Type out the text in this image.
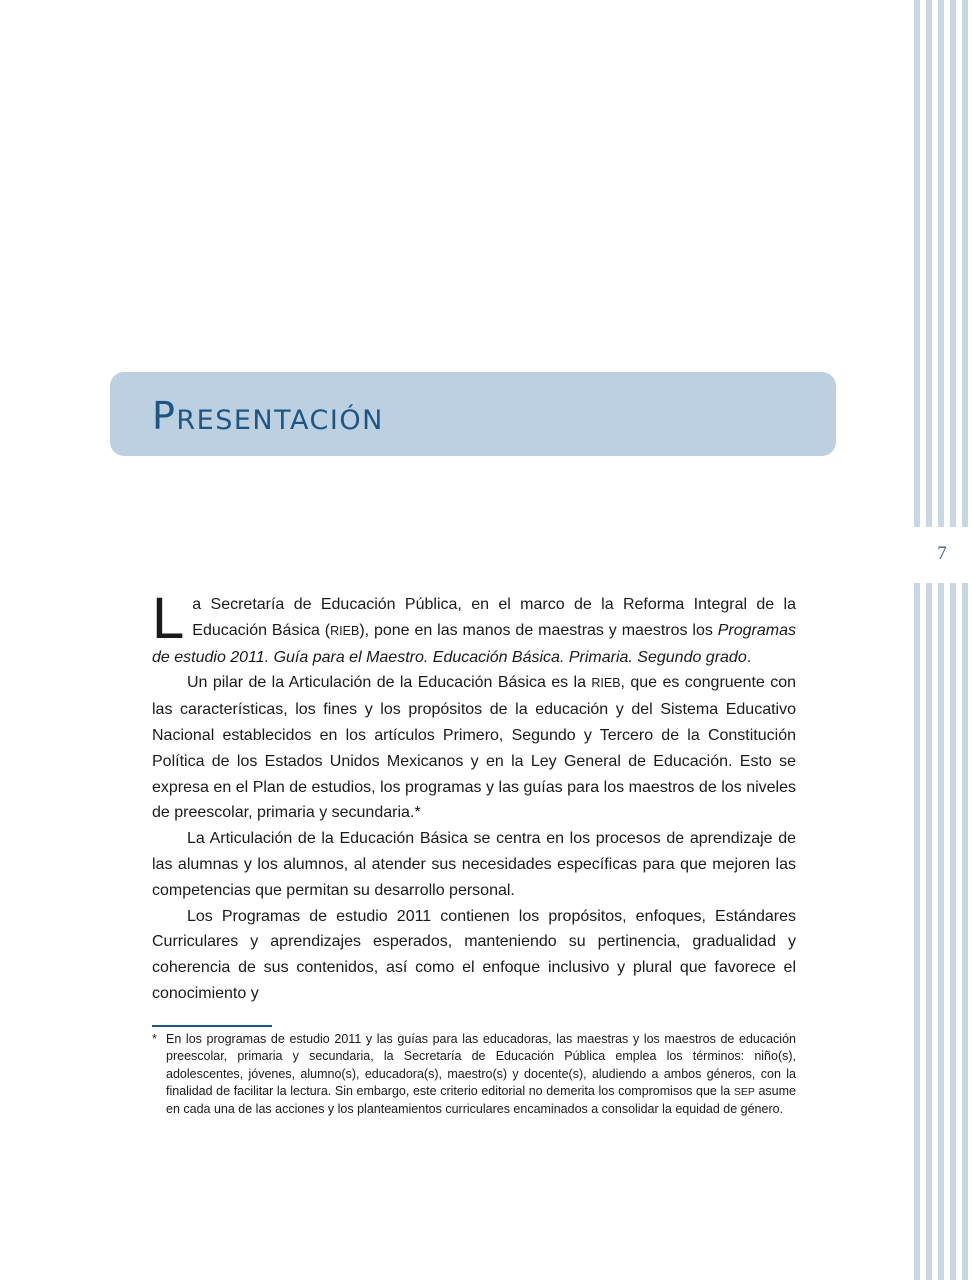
7
Presentación

La Secretaría de Educación Pública, en el marco de la Reforma Integral de la Educación Básica (RIEB), pone en las manos de maestras y maestros los Programas de estudio 2011. Guía para el Maestro. Educación Básica. Primaria. Segundo grado.

Un pilar de la Articulación de la Educación Básica es la RIEB, que es congruente con las características, los fines y los propósitos de la educación y del Sistema Educativo Nacional establecidos en los artículos Primero, Segundo y Tercero de la Constitución Política de los Estados Unidos Mexicanos y en la Ley General de Educación. Esto se expresa en el Plan de estudios, los programas y las guías para los maestros de los niveles de preescolar, primaria y secundaria.*

La Articulación de la Educación Básica se centra en los procesos de aprendizaje de las alumnas y los alumnos, al atender sus necesidades específicas para que mejoren las competencias que permitan su desarrollo personal.

Los Programas de estudio 2011 contienen los propósitos, enfoques, Estándares Curriculares y aprendizajes esperados, manteniendo su pertinencia, gradualidad y coherencia de sus contenidos, así como el enfoque inclusivo y plural que favorece el conocimiento y

* En los programas de estudio 2011 y las guías para las educadoras, las maestras y los maestros de educación preescolar, primaria y secundaria, la Secretaría de Educación Pública emplea los términos: niño(s), adolescentes, jóvenes, alumno(s), educadora(s), maestro(s) y docente(s), aludiendo a ambos géneros, con la finalidad de facilitar la lectura. Sin embargo, este criterio editorial no demerita los compromisos que la SEP asume en cada una de las acciones y los planteamientos curriculares encaminados a consolidar la equidad de género.
